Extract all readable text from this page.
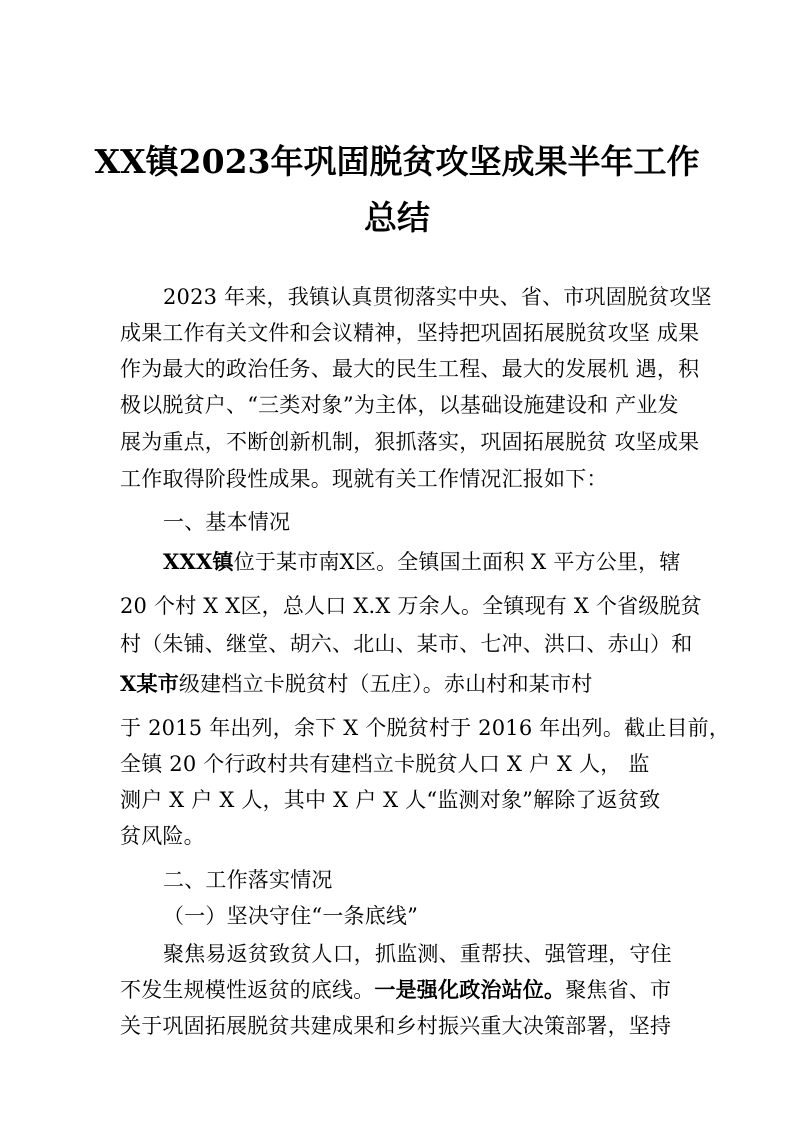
XX镇2023年巩固脱贫攻坚成果半年工作
总结
2023 年来，我镇认真贯彻落实中央、省、市巩固脱贫攻坚
成果工作有关文件和会议精神，坚持把巩固拓展脱贫攻坚 成果
作为最大的政治任务、最大的民生工程、最大的发展机 遇，积
极以脱贫户、“三类对象”为主体，以基础设施建设和 产业发
展为重点，不断创新机制，狠抓落实，巩固拓展脱贫 攻坚成果
工作取得阶段性成果。现就有关工作情况汇报如下：
一、基本情况
XXX镇位于某市南X区。全镇国土面积 X 平方公里，辖
20 个村 X X区，总人口 X.X 万余人。全镇现有 X 个省级脱贫
村（朱铺、继堂、胡六、北山、某市、七冲、洪口、赤山）和
X某市级建档立卡脱贫村（五庄）。赤山村和某市村
于 2015 年出列，余下 X 个脱贫村于 2016 年出列。截止目前，
全镇 20 个行政村共有建档立卡脱贫人口 X 户 X 人， 监
测户 X 户 X 人，其中 X 户 X 人“监测对象”解除了返贫致
贫风险。
二、工作落实情况
（一）坚决守住“一条底线”
聚焦易返贫致贫人口，抓监测、重帮扶、强管理，守住
不发生规模性返贫的底线。一是强化政治站位。聚焦省、市
关于巩固拓展脱贫共建成果和乡村振兴重大决策部署，坚持
